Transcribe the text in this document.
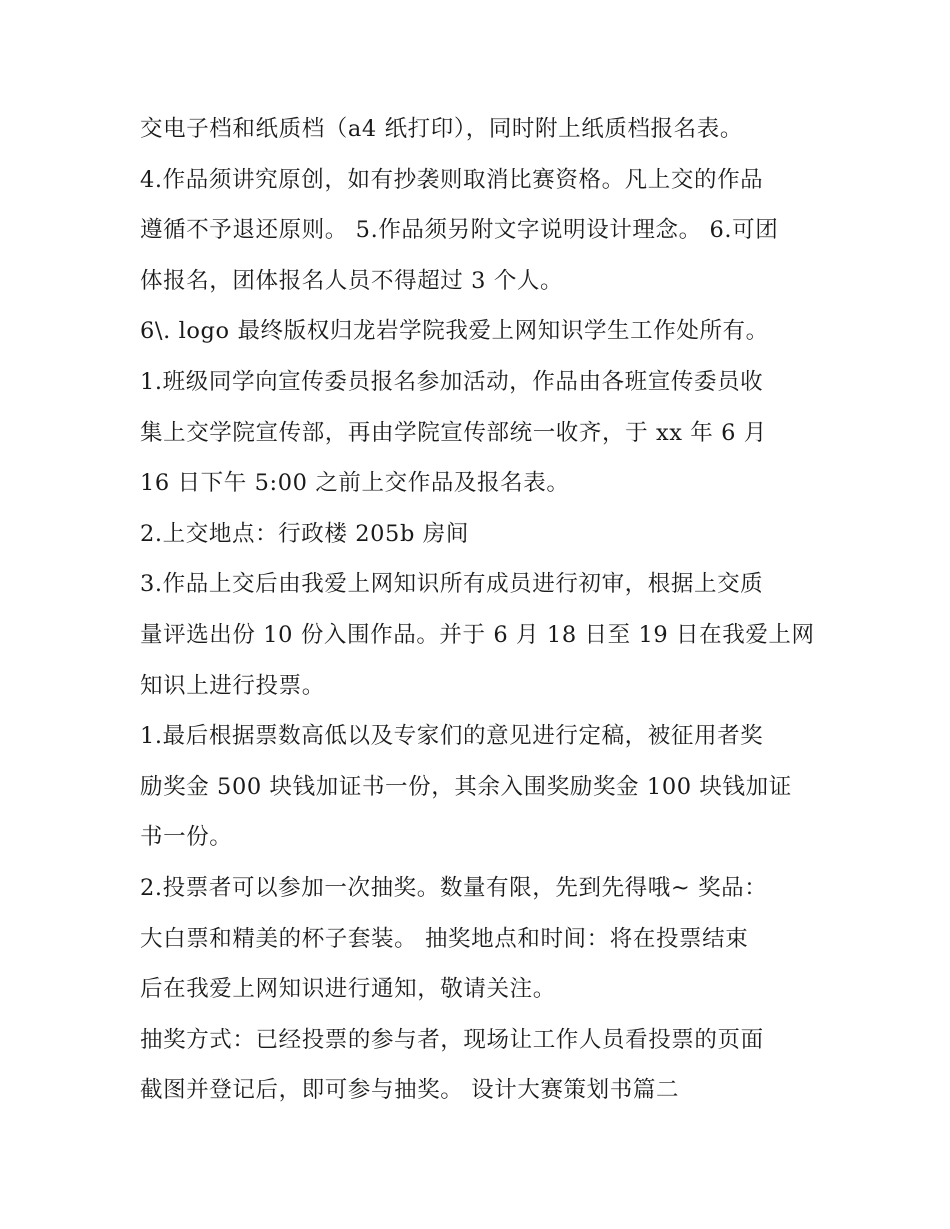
交电子档和纸质档（a4 纸打印），同时附上纸质档报名表。
4.作品须讲究原创，如有抄袭则取消比赛资格。凡上交的作品
遵循不予退还原则。 5.作品须另附文字说明设计理念。 6.可团
体报名，团体报名人员不得超过 3 个人。
6\. logo 最终版权归龙岩学院我爱上网知识学生工作处所有。
1.班级同学向宣传委员报名参加活动，作品由各班宣传委员收
集上交学院宣传部，再由学院宣传部统一收齐，于 xx 年 6 月
16 日下午 5:00 之前上交作品及报名表。
2.上交地点：行政楼 205b 房间
3.作品上交后由我爱上网知识所有成员进行初审，根据上交质
量评选出份 10 份入围作品。并于 6 月 18 日至 19 日在我爱上网
知识上进行投票。
1.最后根据票数高低以及专家们的意见进行定稿，被征用者奖
励奖金 500 块钱加证书一份，其余入围奖励奖金 100 块钱加证
书一份。
2.投票者可以参加一次抽奖。数量有限，先到先得哦~ 奖品：
大白票和精美的杯子套装。 抽奖地点和时间：将在投票结束
后在我爱上网知识进行通知，敬请关注。
抽奖方式：已经投票的参与者，现场让工作人员看投票的页面
截图并登记后，即可参与抽奖。 设计大赛策划书篇二
